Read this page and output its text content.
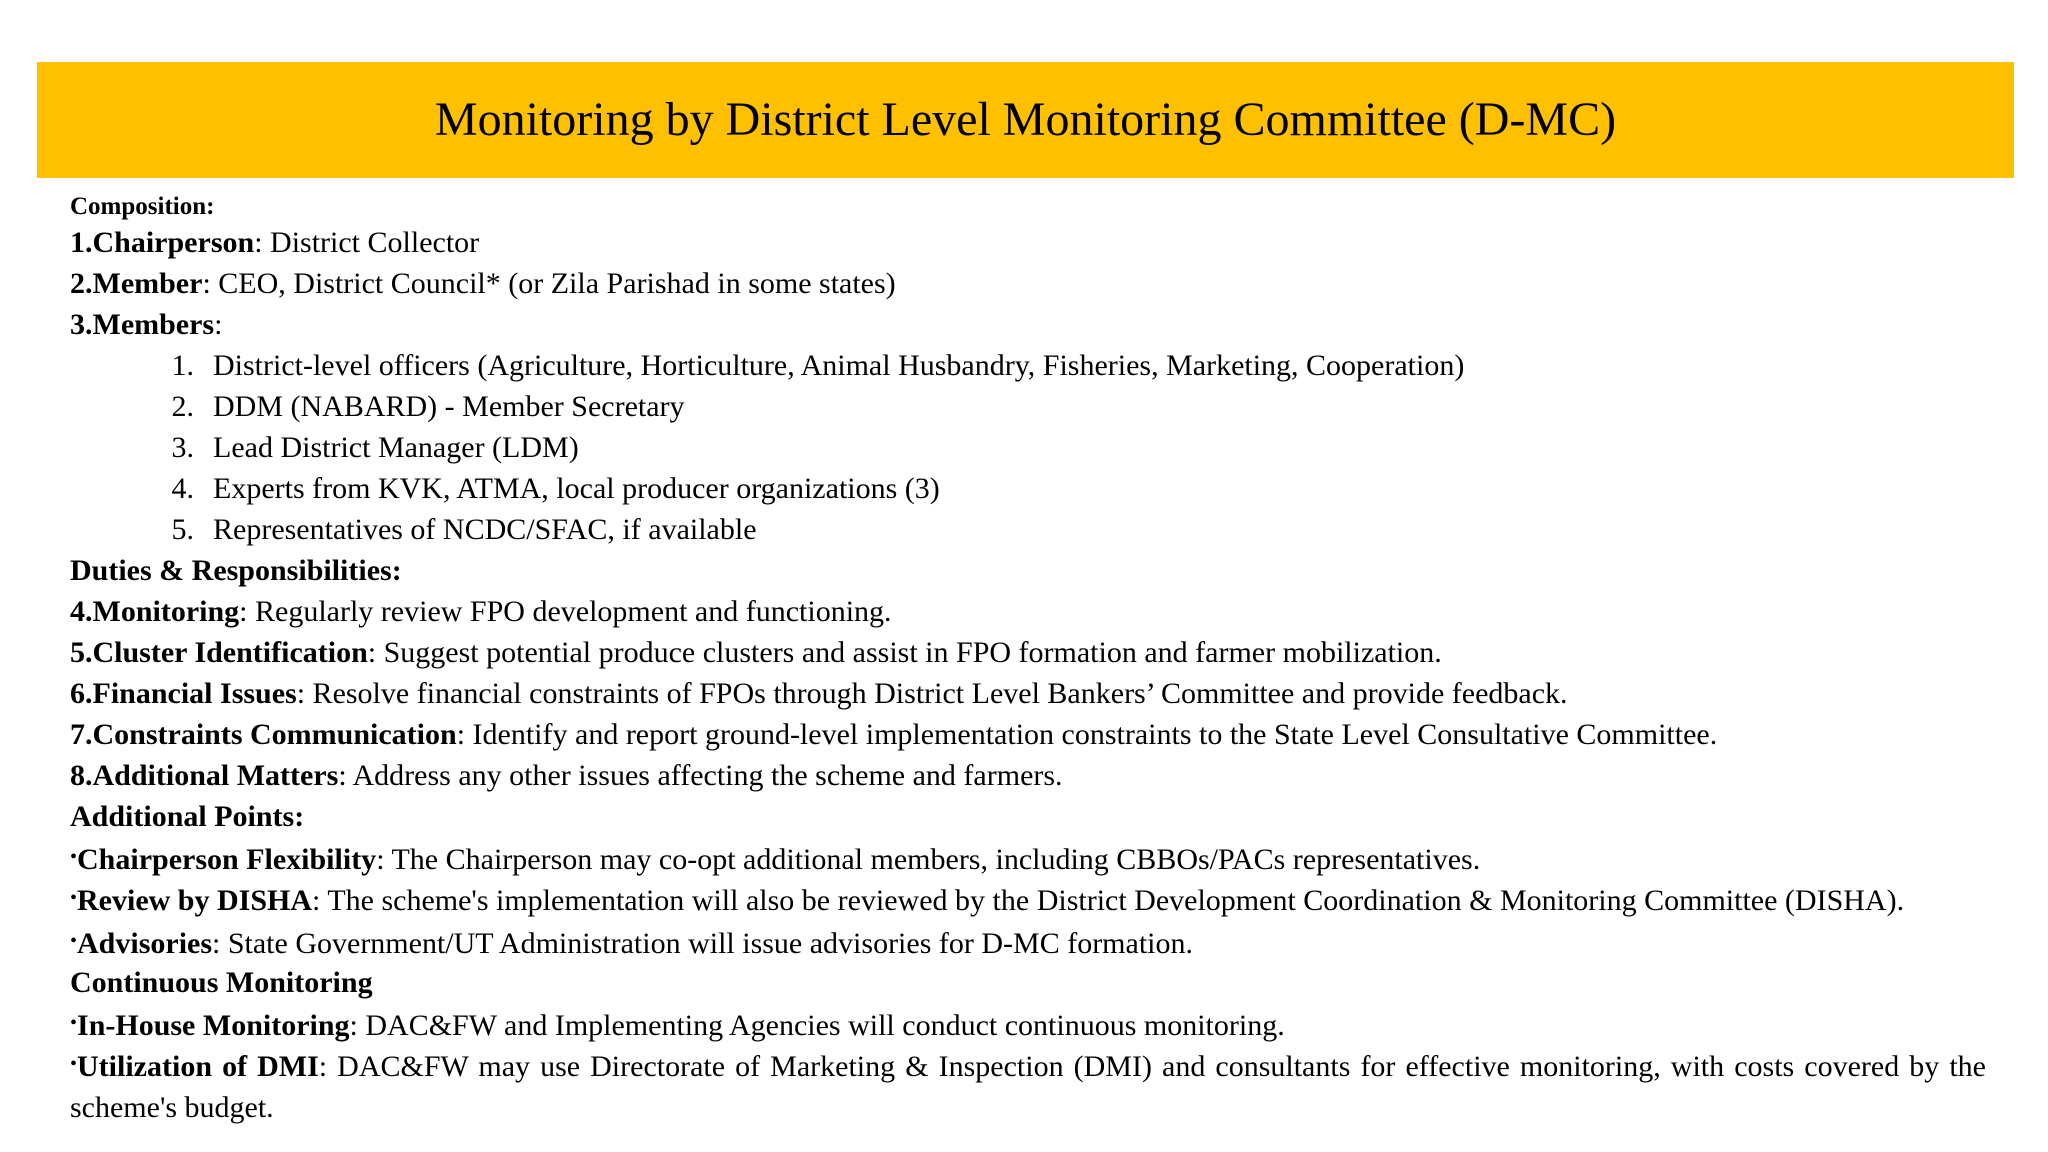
Monitoring by District Level Monitoring Committee (D-MC)
Composition:
1.Chairperson: District Collector
2.Member: CEO, District Council* (or Zila Parishad in some states)
3.Members:
1. District-level officers (Agriculture, Horticulture, Animal Husbandry, Fisheries, Marketing, Cooperation)
2. DDM (NABARD) - Member Secretary
3. Lead District Manager (LDM)
4. Experts from KVK, ATMA, local producer organizations (3)
5. Representatives of NCDC/SFAC, if available
Duties & Responsibilities:
4.Monitoring: Regularly review FPO development and functioning.
5.Cluster Identification: Suggest potential produce clusters and assist in FPO formation and farmer mobilization.
6.Financial Issues: Resolve financial constraints of FPOs through District Level Bankers’ Committee and provide feedback.
7.Constraints Communication: Identify and report ground-level implementation constraints to the State Level Consultative Committee.
8.Additional Matters: Address any other issues affecting the scheme and farmers.
Additional Points:
•Chairperson Flexibility: The Chairperson may co-opt additional members, including CBBOs/PACs representatives.
•Review by DISHA: The scheme's implementation will also be reviewed by the District Development Coordination & Monitoring Committee (DISHA).
•Advisories: State Government/UT Administration will issue advisories for D-MC formation.
Continuous Monitoring
•In-House Monitoring: DAC&FW and Implementing Agencies will conduct continuous monitoring.
•Utilization of DMI: DAC&FW may use Directorate of Marketing & Inspection (DMI) and consultants for effective monitoring, with costs covered by the scheme's budget.
